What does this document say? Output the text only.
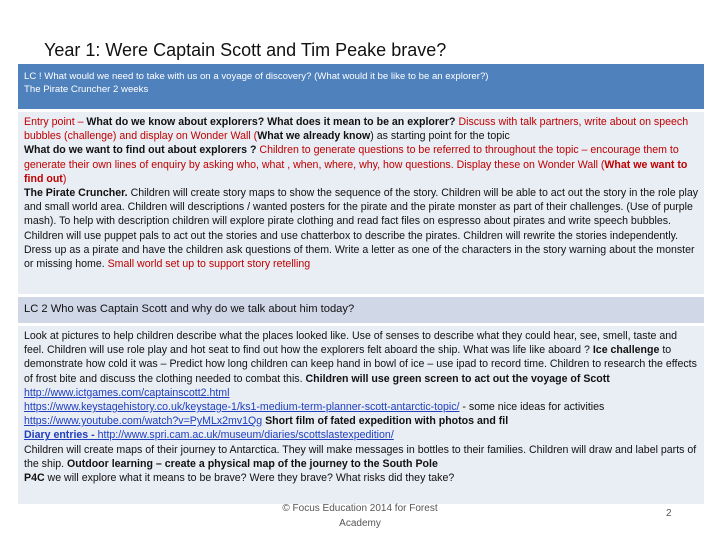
Year 1: Were Captain Scott and Tim Peake brave?
LC ! What would we need to take with us on a voyage of discovery? (What would it be like to be an explorer?)
The Pirate Cruncher 2 weeks
Entry point – What do we know about explorers? What does it mean to be an explorer? Discuss with talk partners, write about on speech bubbles (challenge) and display on Wonder Wall (What we already know) as starting point for the topic
What do we want to find out about explorers ? Children to generate questions to be referred to throughout the topic – encourage them to generate their own lines of enquiry by asking who, what , when, where, why, how questions. Display these on Wonder Wall (What we want to find out)
The Pirate Cruncher. Children will create story maps to show the sequence of the story. Children will be able to act out the story in the role play and small world area. Children will descriptions / wanted posters for the pirate and the pirate monster as part of their challenges. (Use of purple mash). To help with description children will explore pirate clothing and read fact files on espresso about pirates and write speech bubbles. Children will use puppet pals to act out the stories and use chatterbox to describe the pirates. Children will rewrite the stories independently. Dress up as a pirate and have the children ask questions of them. Write a letter as one of the characters in the story warning about the monster or missing home. Small world set up to support story retelling
LC 2 Who was Captain Scott and why do we talk about him today?
Look at pictures to help children describe what the places looked like. Use of senses to describe what they could hear, see, smell, taste and feel. Children will use role play and hot seat to find out how the explorers felt aboard the ship. What was life like aboard ? Ice challenge to demonstrate how cold it was – Predict how long children can keep hand in bowl of ice – use ipad to record time. Children to research the effects of frost bite and discuss the clothing needed to combat this. Children will use green screen to act out the voyage of Scott
http://www.ictgames.com/captainscott2.html
https://www.keystagehistory.co.uk/keystage-1/ks1-medium-term-planner-scott-antarctic-topic/ - some nice ideas for activities
https://www.youtube.com/watch?v=PyMLx2mv1Qg Short film of fated expedition with photos and fil
Diary entries - http://www.spri.cam.ac.uk/museum/diaries/scottslastexpedition/
Children will create maps of their journey to Antarctica. They will make messages in bottles to their families. Children will draw and label parts of the ship. Outdoor learning – create a physical map of the journey to the South Pole
P4C we will explore what it means to be brave? Were they brave? What risks did they take?
© Focus Education 2014 for Forest
Academy
2
